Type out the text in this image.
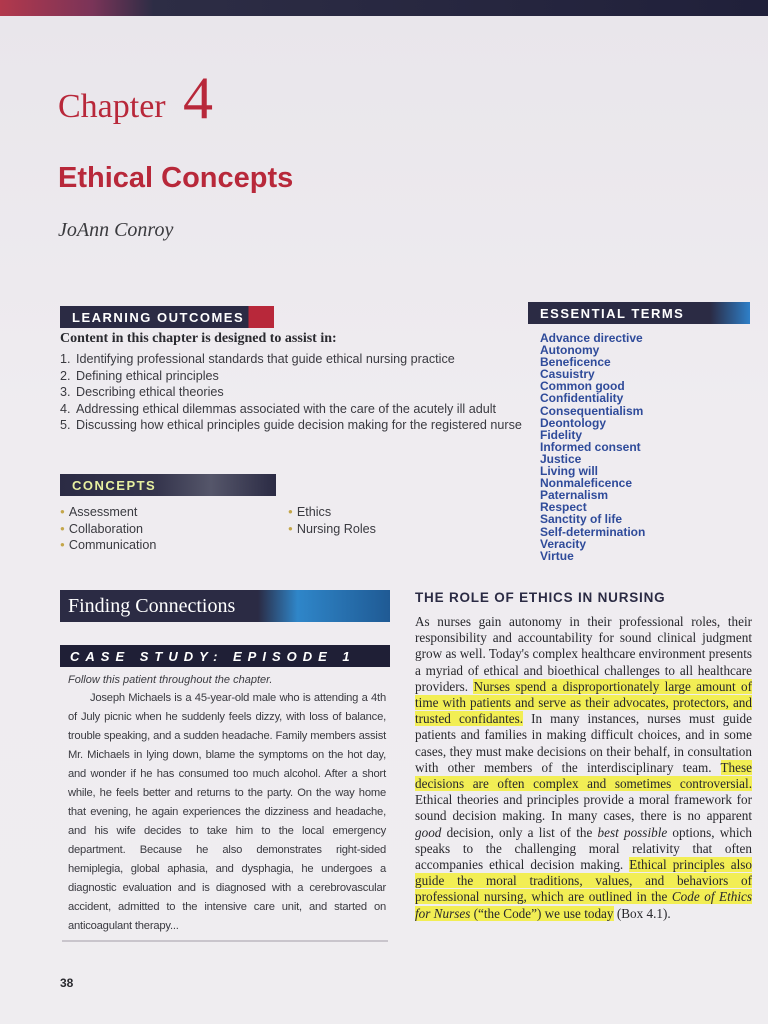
Chapter 4
Ethical Concepts
JoAnn Conroy
LEARNING OUTCOMES
Content in this chapter is designed to assist in:
1. Identifying professional standards that guide ethical nursing practice
2. Defining ethical principles
3. Describing ethical theories
4. Addressing ethical dilemmas associated with the care of the acutely ill adult
5. Discussing how ethical principles guide decision making for the registered nurse
ESSENTIAL TERMS
Advance directive
Autonomy
Beneficence
Casuistry
Common good
Confidentiality
Consequentialism
Deontology
Fidelity
Informed consent
Justice
Living will
Nonmaleficence
Paternalism
Respect
Sanctity of life
Self-determination
Veracity
Virtue
CONCEPTS
● Assessment
● Collaboration
● Communication
● Ethics
● Nursing Roles
Finding Connections
CASE STUDY: EPISODE 1
Follow this patient throughout the chapter.

Joseph Michaels is a 45-year-old male who is attending a 4th of July picnic when he suddenly feels dizzy, with loss of balance, trouble speaking, and a sudden headache. Family members assist Mr. Michaels in lying down, blame the symptoms on the hot day, and wonder if he has consumed too much alcohol. After a short while, he feels better and returns to the party. On the way home that evening, he again experiences the dizziness and headache, and his wife decides to take him to the local emergency department. Because he also demonstrates right-sided hemiplegia, global aphasia, and dysphagia, he undergoes a diagnostic evaluation and is diagnosed with a cerebrovascular accident, admitted to the intensive care unit, and started on anticoagulant therapy...

THE ROLE OF ETHICS IN NURSING

As nurses gain autonomy in their professional roles, their responsibility and accountability for sound clinical judgment grow as well. Today's complex healthcare environment presents a myriad of ethical and bioethical challenges to all healthcare providers. Nurses spend a disproportionately large amount of time with patients and serve as their advocates, protectors, and trusted confidantes. In many instances, nurses must guide patients and families in making difficult choices, and in some cases, they must make decisions on their behalf, in consultation with other members of the interdisciplinary team. These decisions are often complex and sometimes controversial. Ethical theories and principles provide a moral framework for sound decision making. In many cases, there is no apparent good decision, only a list of the best possible options, which speaks to the challenging moral relativity that often accompanies ethical decision making. Ethical principles also guide the moral traditions, values, and behaviors of professional nursing, which are outlined in the Code of Ethics for Nurses (“the Code”) we use today (Box 4.1).

38
